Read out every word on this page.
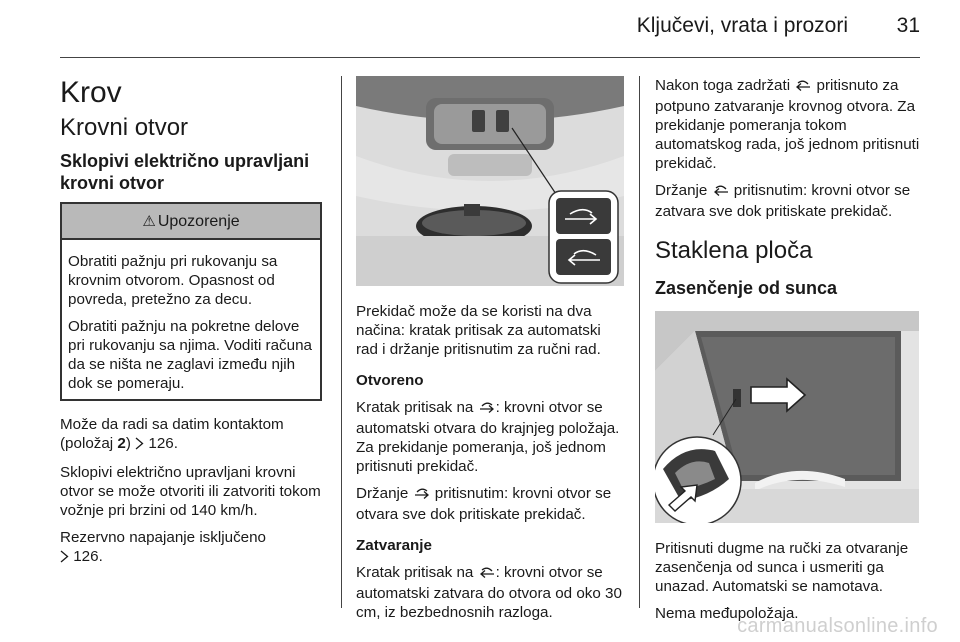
Ključevi, vrata i prozori 31
Krov
Krovni otvor
Sklopivi električno upravljani krovni otvor
⚠ Upozorenje

Obratiti pažnju pri rukovanju sa krovnim otvorom. Opasnost od povreda, pretežno za decu.

Obratiti pažnju na pokretne delove pri rukovanju sa njima. Voditi računa da se ništa ne zaglavi između njih dok se pomeraju.

Može da radi sa datim kontaktom (položaj 2)  126.

Sklopivi električno upravljani krovni otvor se može otvoriti ili zatvoriti tokom vožnje pri brzini od 140 km/h.

Rezervno napajanje isključeno
126.

Prekidač može da se koristi na dva načina: kratak pritisak za automatski rad i držanje pritisnutim za ručni rad.

Otvoreno

Kratak pritisak na : krovni otvor se automatski otvara do krajnjeg položaja. Za prekidanje pomeranja, još jednom pritisnuti prekidač.

Držanje  pritisnutim: krovni otvor se otvara sve dok pritiskate prekidač.

Zatvaranje

Kratak pritisak na : krovni otvor se automatski zatvara do otvora od oko 30 cm, iz bezbednosnih razloga.

Nakon toga zadržati  pritisnuto za potpuno zatvaranje krovnog otvora. Za prekidanje pomeranja tokom automatskog rada, još jednom pritisnuti prekidač.

Držanje  pritisnutim: krovni otvor se zatvara sve dok pritiskate prekidač.

Staklena ploča
Zasenčenje od sunca

Pritisnuti dugme na ručki za otvaranje zasenčenja od sunca i usmeriti ga unazad. Automatski se namotava.

Nema međupoložaja.

carmanualsonline.info
